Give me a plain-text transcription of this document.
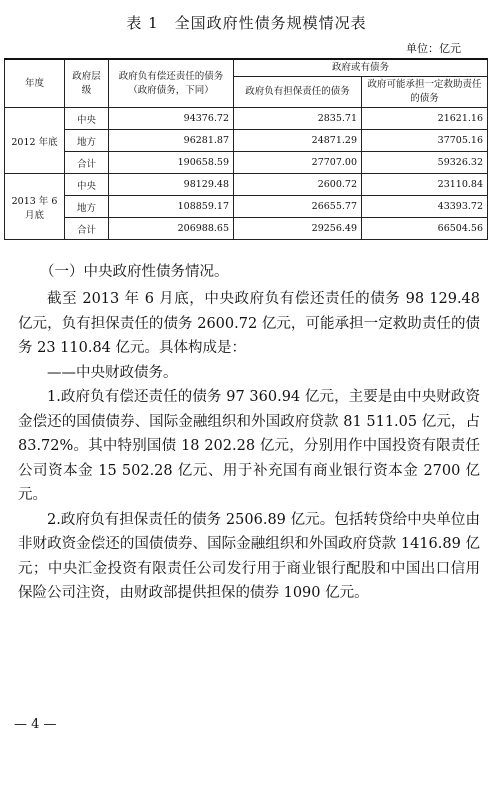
表 1　全国政府性债务规模情况表
单位：亿元
年度	政府层级	政府负有偿还责任的债务（政府债务，下同）	政府或有债务	
			政府负有担保责任的债务	政府可能承担一定救助责任的债务
2012 年底	中央	94376.72	2835.71	21621.16
	地方	96281.87	24871.29	37705.16
	合计	190658.59	27707.00	59326.32
2013 年 6 月底	中央	98129.48	2600.72	23110.84
	地方	108859.17	26655.77	43393.72
	合计	206988.65	29256.49	66504.56
（一）中央政府性债务情况。

截至 2013 年 6 月底，中央政府负有偿还责任的债务 98 129.48 亿元，负有担保责任的债务 2600.72 亿元，可能承担一定救助责任的债务 23 110.84 亿元。具体构成是：

——中央财政债务。

1.政府负有偿还责任的债务 97 360.94 亿元，主要是由中央财政资金偿还的国债债券、国际金融组织和外国政府贷款 81 511.05 亿元，占 83.72%。其中特别国债 18 202.28 亿元，分别用作中国投资有限责任公司资本金 15 502.28 亿元、用于补充国有商业银行资本金 2700 亿元。

2.政府负有担保责任的债务 2506.89 亿元。包括转贷给中央单位由非财政资金偿还的国债债券、国际金融组织和外国政府贷款 1416.89 亿元；中央汇金投资有限责任公司发行用于商业银行配股和中国出口信用保险公司注资，由财政部提供担保的债券 1090 亿元。

— 4 —
